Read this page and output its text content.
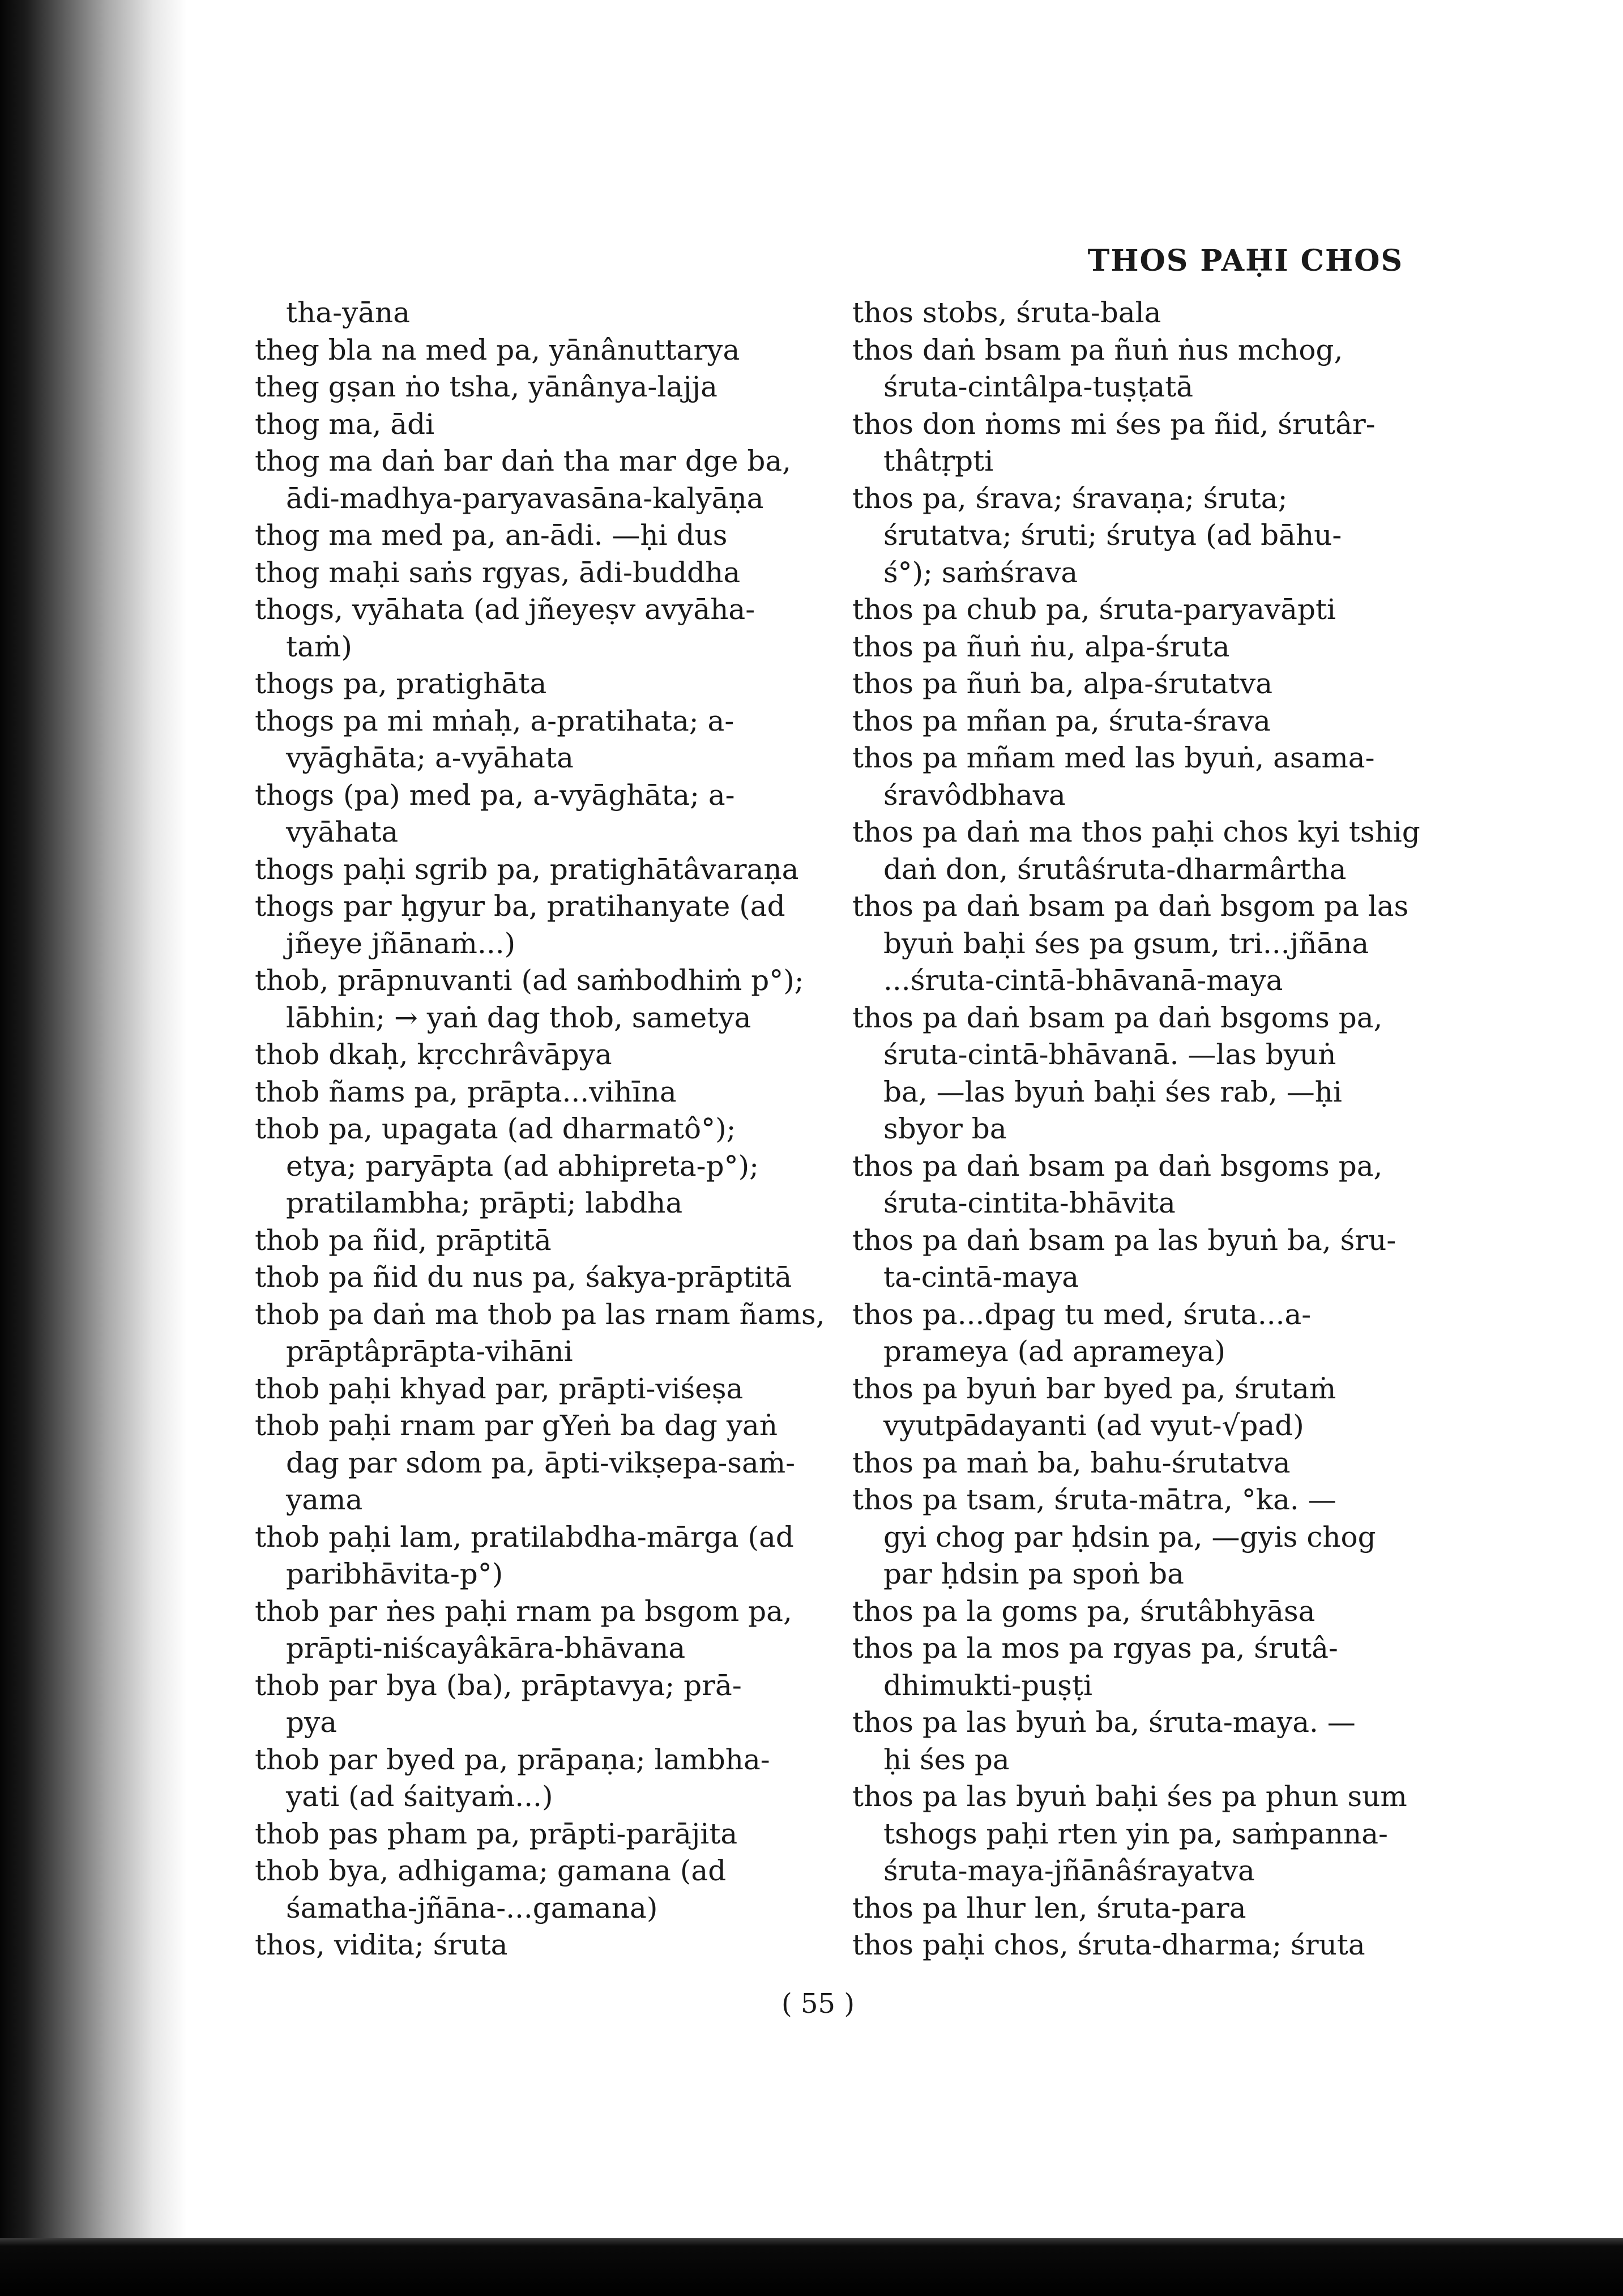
THOS PAḤI CHOS
tha-yāna
theg bla na med pa, yānânuttarya
theg gṣan ṅo tsha, yānânya-lajja
thog ma, ādi
thog ma daṅ bar daṅ tha mar dge ba,
ādi-madhya-paryavasāna-kalyāṇa
thog ma med pa, an-ādi. —ḥi dus
thog maḥi saṅs rgyas, ādi-buddha
thogs, vyāhata (ad jñeyeṣv avyāha-
taṁ)
thogs pa, pratighāta
thogs pa mi mṅaḥ, a-pratihata; a-
vyāghāta; a-vyāhata
thogs (pa) med pa, a-vyāghāta; a-
vyāhata
thogs paḥi sgrib pa, pratighātâvaraṇa
thogs par ḥgyur ba, pratihanyate (ad
jñeye jñānaṁ...)
thob, prāpnuvanti (ad saṁbodhiṁ p°);
lābhin; → yaṅ dag thob, sametya
thob dkaḥ, kṛcchrâvāpya
thob ñams pa, prāpta...vihīna
thob pa, upagata (ad dharmatô°);
etya; paryāpta (ad abhipreta-p°);
pratilambha; prāpti; labdha
thob pa ñid, prāptitā
thob pa ñid du nus pa, śakya-prāptitā
thob pa daṅ ma thob pa las rnam ñams,
prāptâprāpta-vihāni
thob paḥi khyad par, prāpti-viśeṣa
thob paḥi rnam par gYeṅ ba dag yaṅ
dag par sdom pa, āpti-vikṣepa-saṁ-
yama
thob paḥi lam, pratilabdha-mārga (ad
paribhāvita-p°)
thob par ṅes paḥi rnam pa bsgom pa,
prāpti-niścayâkāra-bhāvana
thob par bya (ba), prāptavya; prā-
pya
thob par byed pa, prāpaṇa; lambha-
yati (ad śaityaṁ...)
thob pas pham pa, prāpti-parājita
thob bya, adhigama; gamana (ad
śamatha-jñāna-...gamana)
thos, vidita; śruta
thos stobs, śruta-bala
thos daṅ bsam pa ñuṅ ṅus mchog,
śruta-cintâlpa-tuṣṭatā
thos don ṅoms mi śes pa ñid, śrutâr-
thâtṛpti
thos pa, śrava; śravaṇa; śruta;
śrutatva; śruti; śrutya (ad bāhu-
ś°); saṁśrava
thos pa chub pa, śruta-paryavāpti
thos pa ñuṅ ṅu, alpa-śruta
thos pa ñuṅ ba, alpa-śrutatva
thos pa mñan pa, śruta-śrava
thos pa mñam med las byuṅ, asama-
śravôdbhava
thos pa daṅ ma thos paḥi chos kyi tshig
daṅ don, śrutâśruta-dharmârtha
thos pa daṅ bsam pa daṅ bsgom pa las
byuṅ baḥi śes pa gsum, tri...jñāna
...śruta-cintā-bhāvanā-maya
thos pa daṅ bsam pa daṅ bsgoms pa,
śruta-cintā-bhāvanā. —las byuṅ
ba, —las byuṅ baḥi śes rab, —ḥi
sbyor ba
thos pa daṅ bsam pa daṅ bsgoms pa,
śruta-cintita-bhāvita
thos pa daṅ bsam pa las byuṅ ba, śru-
ta-cintā-maya
thos pa...dpag tu med, śruta...a-
prameya (ad aprameya)
thos pa byuṅ bar byed pa, śrutaṁ
vyutpādayanti (ad vyut-√pad)
thos pa maṅ ba, bahu-śrutatva
thos pa tsam, śruta-mātra, °ka. —
gyi chog par ḥdsin pa, —gyis chog
par ḥdsin pa spoṅ ba
thos pa la goms pa, śrutâbhyāsa
thos pa la mos pa rgyas pa, śrutâ-
dhimukti-puṣṭi
thos pa las byuṅ ba, śruta-maya. —
ḥi śes pa
thos pa las byuṅ baḥi śes pa phun sum
tshogs paḥi rten yin pa, saṁpanna-
śruta-maya-jñānâśrayatva
thos pa lhur len, śruta-para
thos paḥi chos, śruta-dharma; śruta
( 55 )
